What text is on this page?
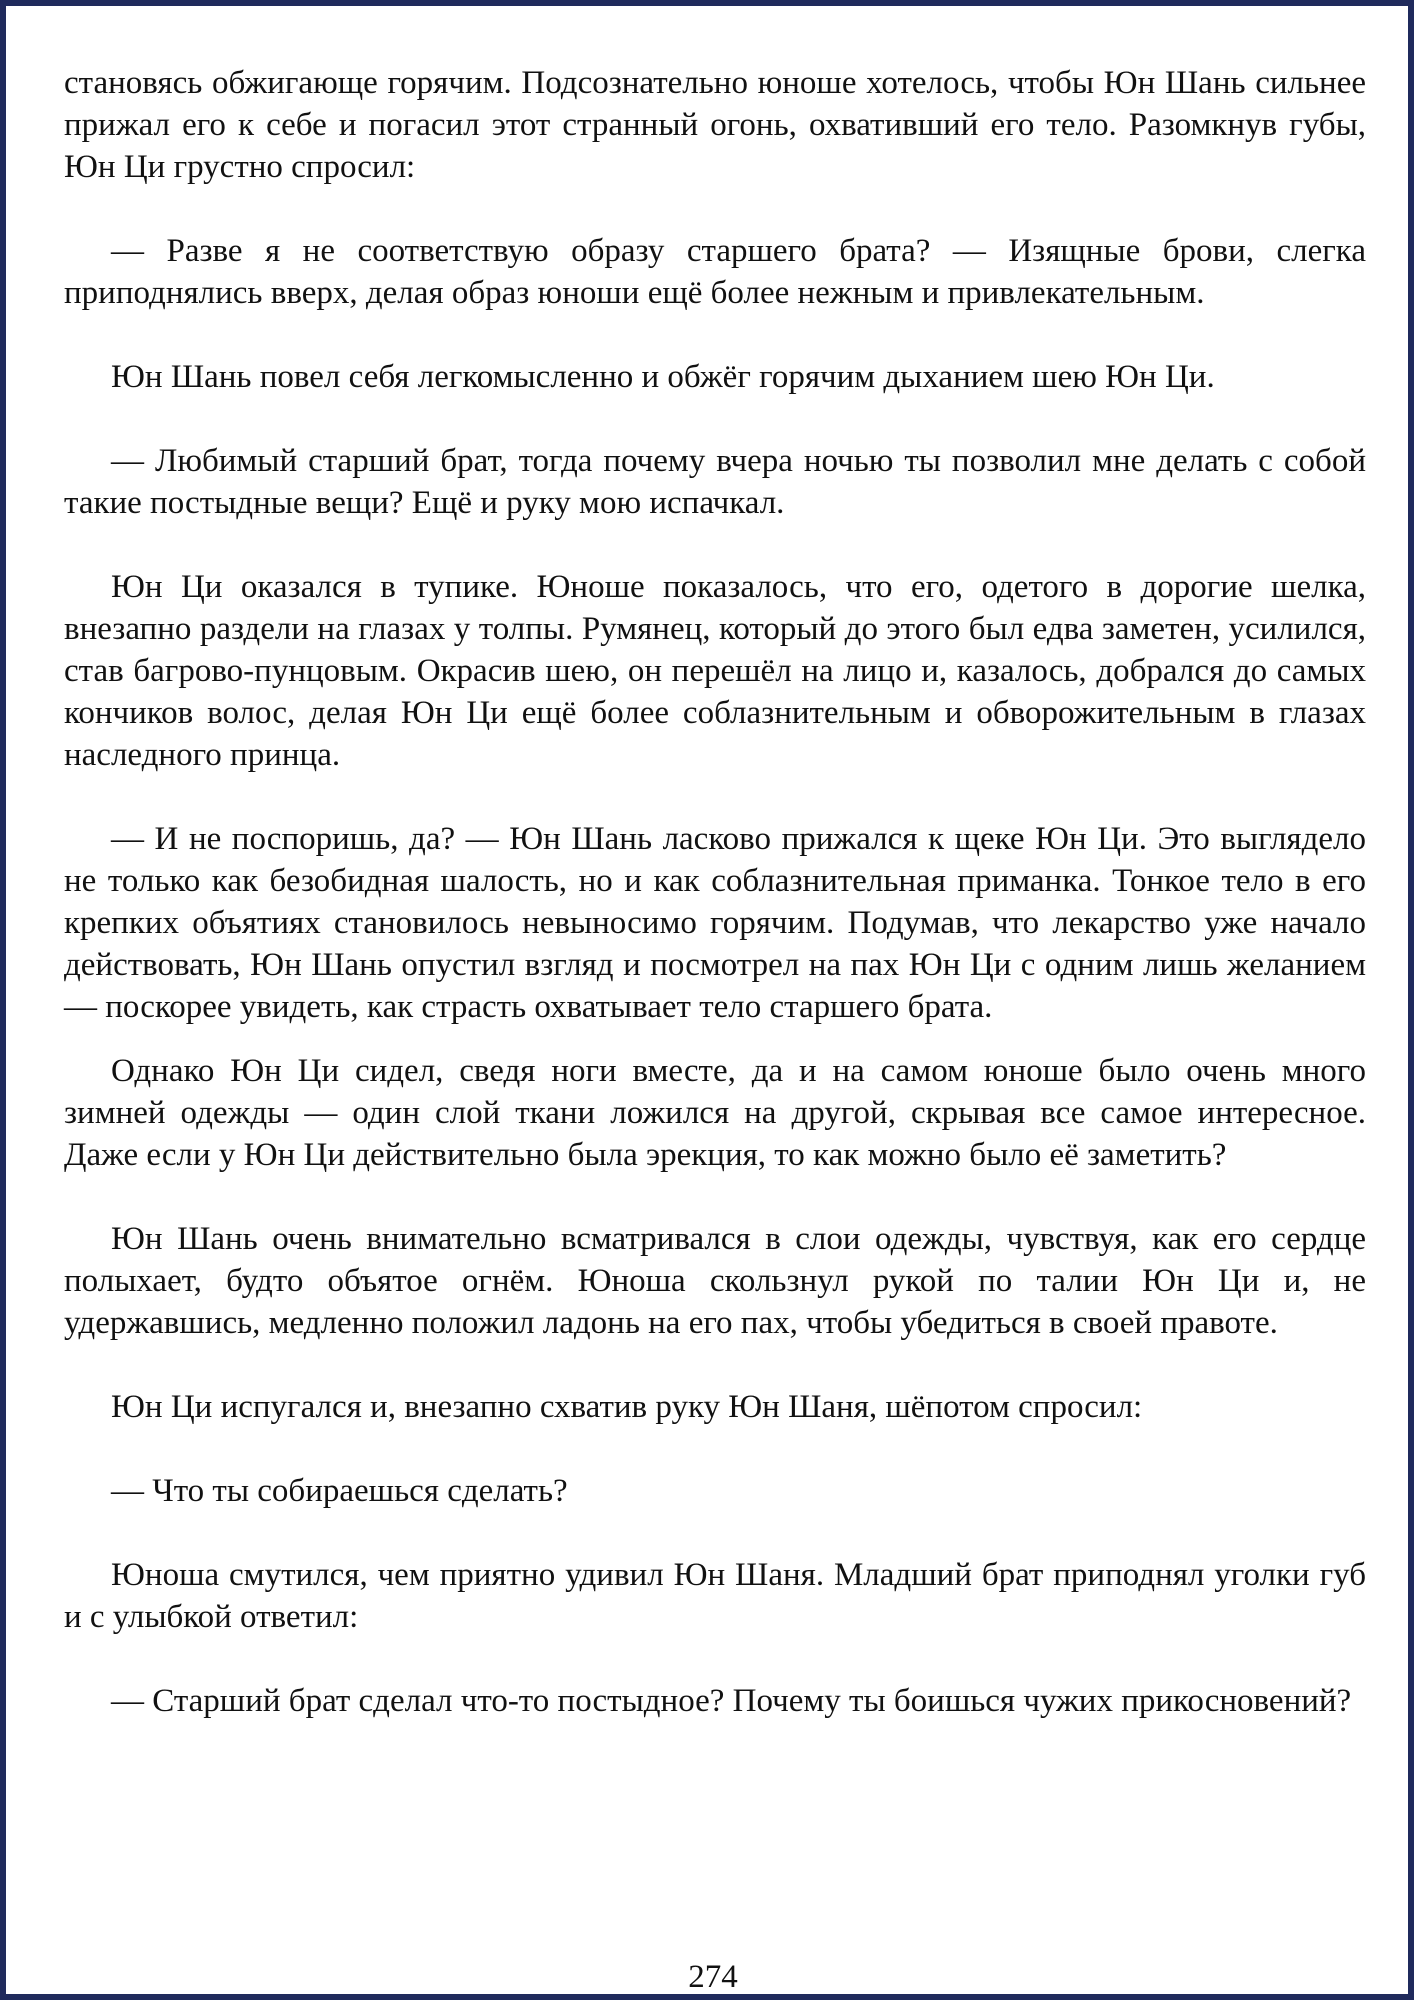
становясь обжигающе горячим. Подсознательно юноше хотелось, чтобы Юн Шань сильнее прижал его к себе и погасил этот странный огонь, охвативший его тело. Разомкнув губы, Юн Ци грустно спросил:

— Разве я не соответствую образу старшего брата? — Изящные брови, слегка приподнялись вверх, делая образ юноши ещё более нежным и привлекательным.

Юн Шань повел себя легкомысленно и обжёг горячим дыханием шею Юн Ци.

— Любимый старший брат, тогда почему вчера ночью ты позволил мне делать с собой такие постыдные вещи? Ещё и руку мою испачкал.

Юн Ци оказался в тупике. Юноше показалось, что его, одетого в дорогие шелка, внезапно раздели на глазах у толпы. Румянец, который до этого был едва заметен, усилился, став багрово-пунцовым. Окрасив шею, он перешёл на лицо и, казалось, добрался до самых кончиков волос, делая Юн Ци ещё более соблазнительным и обворожительным в глазах наследного принца.

— И не поспоришь, да? — Юн Шань ласково прижался к щеке Юн Ци. Это выглядело не только как безобидная шалость, но и как соблазнительная приманка. Тонкое тело в его крепких объятиях становилось невыносимо горячим. Подумав, что лекарство уже начало действовать, Юн Шань опустил взгляд и посмотрел на пах Юн Ци с одним лишь желанием — поскорее увидеть, как страсть охватывает тело старшего брата.

Однако Юн Ци сидел, сведя ноги вместе, да и на самом юноше было очень много зимней одежды — один слой ткани ложился на другой, скрывая все самое интересное. Даже если у Юн Ци действительно была эрекция, то как можно было её заметить?

Юн Шань очень внимательно всматривался в слои одежды, чувствуя, как его сердце полыхает, будто объятое огнём. Юноша скользнул рукой по талии Юн Ци и, не удержавшись, медленно положил ладонь на его пах, чтобы убедиться в своей правоте.

Юн Ци испугался и, внезапно схватив руку Юн Шаня, шёпотом спросил:

— Что ты собираешься сделать?

Юноша смутился, чем приятно удивил Юн Шаня. Младший брат приподнял уголки губ и с улыбкой ответил:

— Старший брат сделал что-то постыдное? Почему ты боишься чужих прикосновений?

274
